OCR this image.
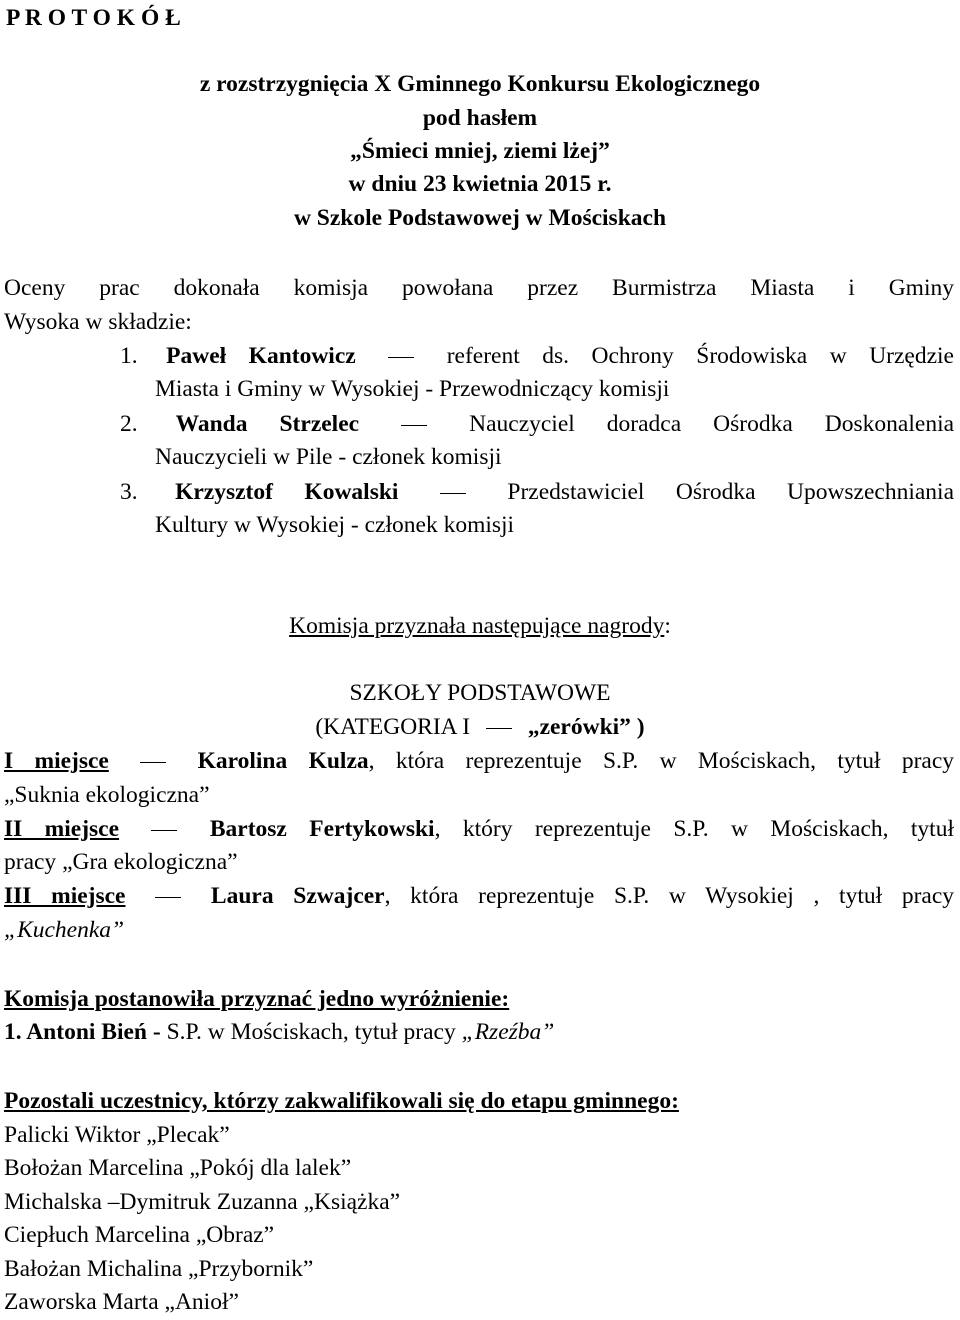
P R O T O K Ó Ł
z rozstrzygnięcia X Gminnego Konkursu Ekologicznego
pod hasłem
„Śmieci mniej, ziemi lżej”
w dniu 23 kwietnia 2015 r.
w Szkole Podstawowej w Mościskach
Oceny prac dokonała komisja powołana przez Burmistrza Miasta i Gminy
Wysoka w składzie:
1. Paweł Kantowicz	referent ds. Ochrony Środowiska w Urzędzie
Miasta i Gminy w Wysokiej - Przewodniczący komisji
2. Wanda Strzelec	Nauczyciel doradca Ośrodka Doskonalenia
Nauczycieli w Pile - członek komisji
3. Krzysztof Kowalski	Przedstawiciel Ośrodka Upowszechniania
Kultury w Wysokiej - członek komisji
Komisja przyznała następujące nagrody:
SZKOŁY PODSTAWOWE
(KATEGORIA I „zerówki” )
I miejsce	Karolina Kulza, która reprezentuje S.P. w Mościskach, tytuł pracy
„Suknia ekologiczna”
II miejsce	Bartosz Fertykowski, który reprezentuje S.P. w Mościskach, tytuł
pracy „Gra ekologiczna”
III miejsce	Laura Szwajcer, która reprezentuje S.P. w Wysokiej , tytuł pracy
„Kuchenka”
Komisja postanowiła przyznać jedno wyróżnienie:
1. Antoni Bień - S.P. w Mościskach, tytuł pracy „Rzeźba”
Pozostali uczestnicy, którzy zakwalifikowali się do etapu gminnego:
Palicki Wiktor „Plecak”
Bołożan Marcelina „Pokój dla lalek”
Michalska –Dymitruk Zuzanna „Książka”
Ciepłuch Marcelina „Obraz”
Bałożan Michalina „Przybornik”
Zaworska Marta „Anioł”
